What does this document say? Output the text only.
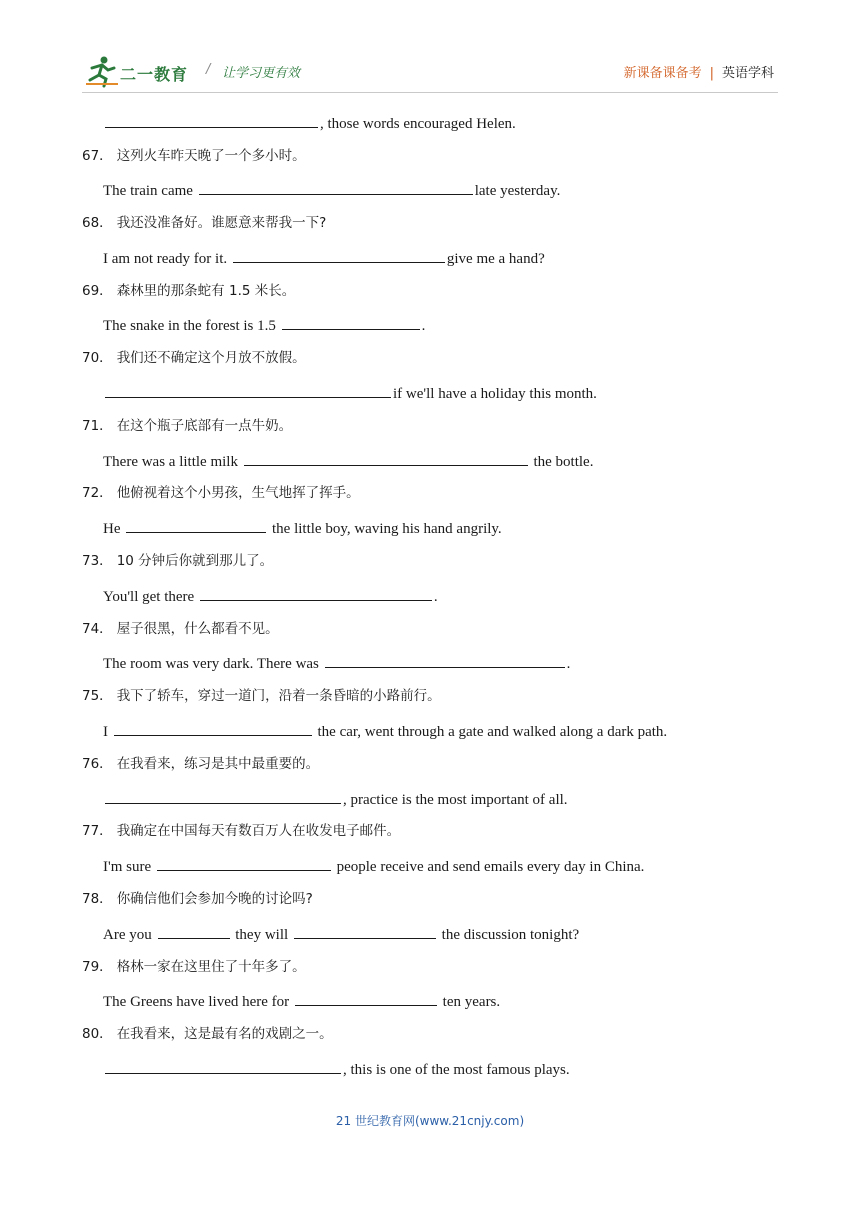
二一教育 / 让学习更有效	新课备课备考 | 英语学科
, those words encouraged Helen.
67． 这列火车昨天晚了一个多小时。
The train came	late yesterday.
68． 我还没准备好。谁愿意来帮我一下?
I am not ready for it.	give me a hand?
69． 森林里的那条蛇有 1.5 米长。
The snake in the forest is 1.5	.
70． 我们还不确定这个月放不放假。
if we'll have a holiday this month.
71． 在这个瓶子底部有一点牛奶。
There was a little milk	the bottle.
72． 他俯视着这个小男孩，生气地挥了挥手。
He	the little boy, waving his hand angrily.
73． 10 分钟后你就到那儿了。
You'll get there	.
74． 屋子很黑，什么都看不见。
The room was very dark. There was	.
75． 我下了轿车，穿过一道门，沿着一条昏暗的小路前行。
I	the car, went through a gate and walked along a dark path.
76． 在我看来，练习是其中最重要的。
, practice is the most important of all.
77． 我确定在中国每天有数百万人在收发电子邮件。
I'm sure	people receive and send emails every day in China.
78． 你确信他们会参加今晚的讨论吗?
Are you	they will	the discussion tonight?
79． 格林一家在这里住了十年多了。
The Greens have lived here for	ten years.
80． 在我看来，这是最有名的戏剧之一。
, this is one of the most famous plays.
21 世纪教育网(www.21cnjy.com)
